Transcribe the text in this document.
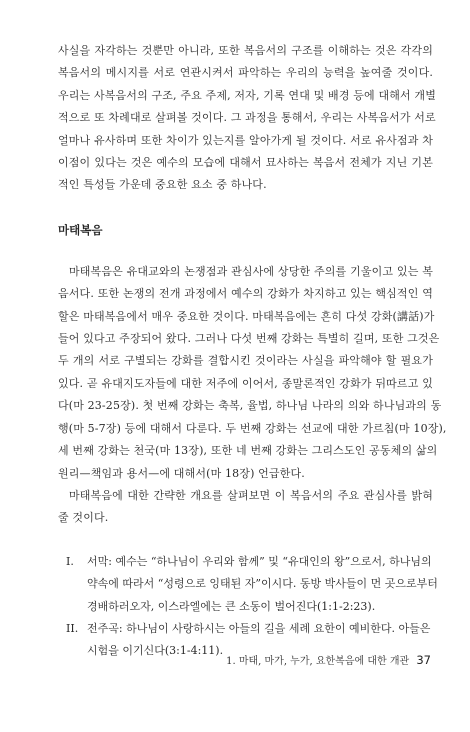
사실을 자각하는 것뿐만 아니라, 또한 복음서의 구조를 이해하는 것은 각각의
복음서의 메시지를 서로 연관시켜서 파악하는 우리의 능력을 높여줄 것이다.
우리는 사복음서의 구조, 주요 주제, 저자, 기록 연대 및 배경 등에 대해서 개별
적으로 또 차례대로 살펴볼 것이다. 그 과정을 통해서, 우리는 사복음서가 서로
얼마나 유사하며 또한 차이가 있는지를 알아가게 될 것이다. 서로 유사점과 차
이점이 있다는 것은 예수의 모습에 대해서 묘사하는 복음서 전체가 지닌 기본
적인 특성들 가운데 중요한 요소 중 하나다.
마태복음
마태복음은 유대교와의 논쟁점과 관심사에 상당한 주의를 기울이고 있는 복
음서다. 또한 논쟁의 전개 과정에서 예수의 강화가 차지하고 있는 핵심적인 역
할은 마태복음에서 매우 중요한 것이다. 마태복음에는 흔히 다섯 강화(講話)가
들어 있다고 주장되어 왔다. 그러나 다섯 번째 강화는 특별히 길며, 또한 그것은
두 개의 서로 구별되는 강화를 결합시킨 것이라는 사실을 파악해야 할 필요가
있다. 곧 유대지도자들에 대한 저주에 이어서, 종말론적인 강화가 뒤따르고 있
다(마 23-25장). 첫 번째 강화는 축복, 율법, 하나님 나라의 의와 하나님과의 동
행(마 5-7장) 등에 대해서 다룬다. 두 번째 강화는 선교에 대한 가르침(마 10장),
세 번째 강화는 천국(마 13장), 또한 네 번째 강화는 그리스도인 공동체의 삶의
원리—책임과 용서—에 대해서(마 18장) 언급한다.
마태복음에 대한 간략한 개요를 살펴보면 이 복음서의 주요 관심사를 밝혀
줄 것이다.
I. 서막: 예수는 “하나님이 우리와 함께” 및 “유대인의 왕”으로서, 하나님의
약속에 따라서 “성령으로 잉태된 자”이시다. 동방 박사들이 먼 곳으로부터
경배하러오자, 이스라엘에는 큰 소동이 벌어진다(1:1-2:23).
II. 전주곡: 하나님이 사랑하시는 아들의 길을 세례 요한이 예비한다. 아들은
시험을 이기신다(3:1-4:11).
1. 마태, 마가, 누가, 요한복음에 대한 개관 37
